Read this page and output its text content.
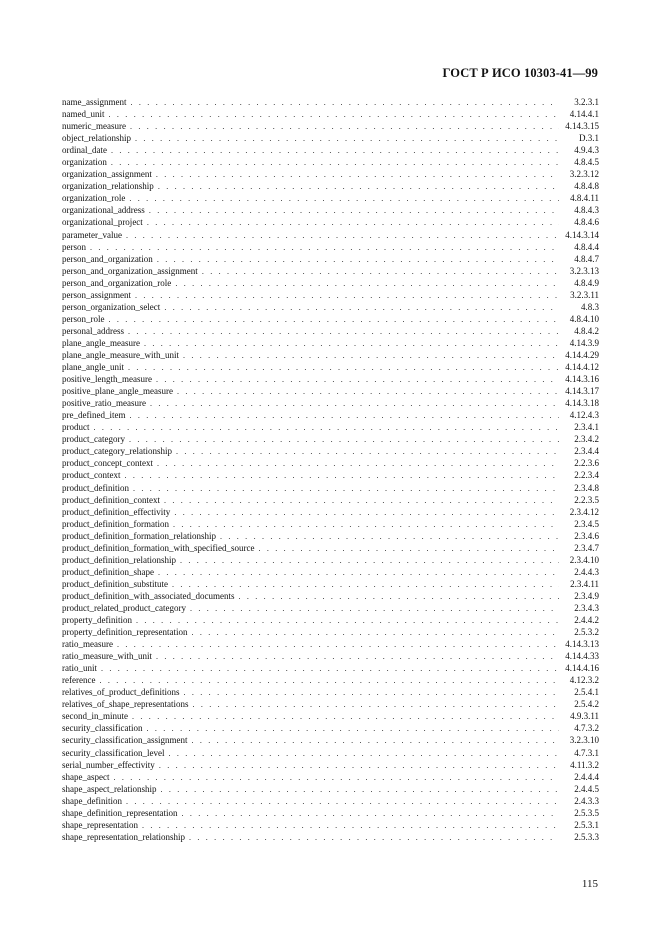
ГОСТ Р ИСО 10303-41—99
name_assignment . . .	3.2.3.1
named_unit . . .	4.14.4.1
numeric_measure . . .	4.14.3.15
object_relationship . . .	D.3.1
ordinal_date . . .	4.9.4.3
organization . . .	4.8.4.5
organization_assignment . . .	3.2.3.12
organization_relationship . . .	4.8.4.8
organization_role . . .	4.8.4.11
organizational_address . . .	4.8.4.3
organizational_project . . .	4.8.4.6
parameter_value . . .	4.14.3.14
person . . .	4.8.4.4
person_and_organization . . .	4.8.4.7
person_and_organization_assignment . . .	3.2.3.13
person_and_organization_role . . .	4.8.4.9
person_assignment . . .	3.2.3.11
person_organization_select . . .	4.8.3
person_role . . .	4.8.4.10
personal_address . . .	4.8.4.2
plane_angle_measure . . .	4.14.3.9
plane_angle_measure_with_unit . . .	4.14.4.29
plane_angle_unit . . .	4.14.4.12
positive_length_measure . . .	4.14.3.16
positive_plane_angle_measure . . .	4.14.3.17
positive_ratio_measure . . .	4.14.3.18
pre_defined_item . . .	4.12.4.3
product . . .	2.3.4.1
product_category . . .	2.3.4.2
product_category_relationship . . .	2.3.4.4
product_concept_context . . .	2.2.3.6
product_context . . .	2.2.3.4
product_definition . . .	2.3.4.8
product_definition_context . . .	2.2.3.5
product_definition_effectivity . . .	2.3.4.12
product_definition_formation . . .	2.3.4.5
product_definition_formation_relationship . . .	2.3.4.6
product_definition_formation_with_specified_source . . .	2.3.4.7
product_definition_relationship . . .	2.3.4.10
product_definition_shape . . .	2.4.4.3
product_definition_substitute . . .	2.3.4.11
product_definition_with_associated_documents . . .	2.3.4.9
product_related_product_category . . .	2.3.4.3
property_definition . . .	2.4.4.2
property_definition_representation . . .	2.5.3.2
ratio_measure . . .	4.14.3.13
ratio_measure_with_unit . . .	4.14.4.33
ratio_unit . . .	4.14.4.16
reference . . .	4.12.3.2
relatives_of_product_definitions . . .	2.5.4.1
relatives_of_shape_representations . . .	2.5.4.2
second_in_minute . . .	4.9.3.11
security_classification . . .	4.7.3.2
security_classification_assignment . . .	3.2.3.10
security_classification_level . . .	4.7.3.1
serial_number_effectivity . . .	4.11.3.2
shape_aspect . . .	2.4.4.4
shape_aspect_relationship . . .	2.4.4.5
shape_definition . . .	2.4.3.3
shape_definition_representation . . .	2.5.3.5
shape_representation . . .	2.5.3.1
shape_representation_relationship . . .	2.5.3.3
115
